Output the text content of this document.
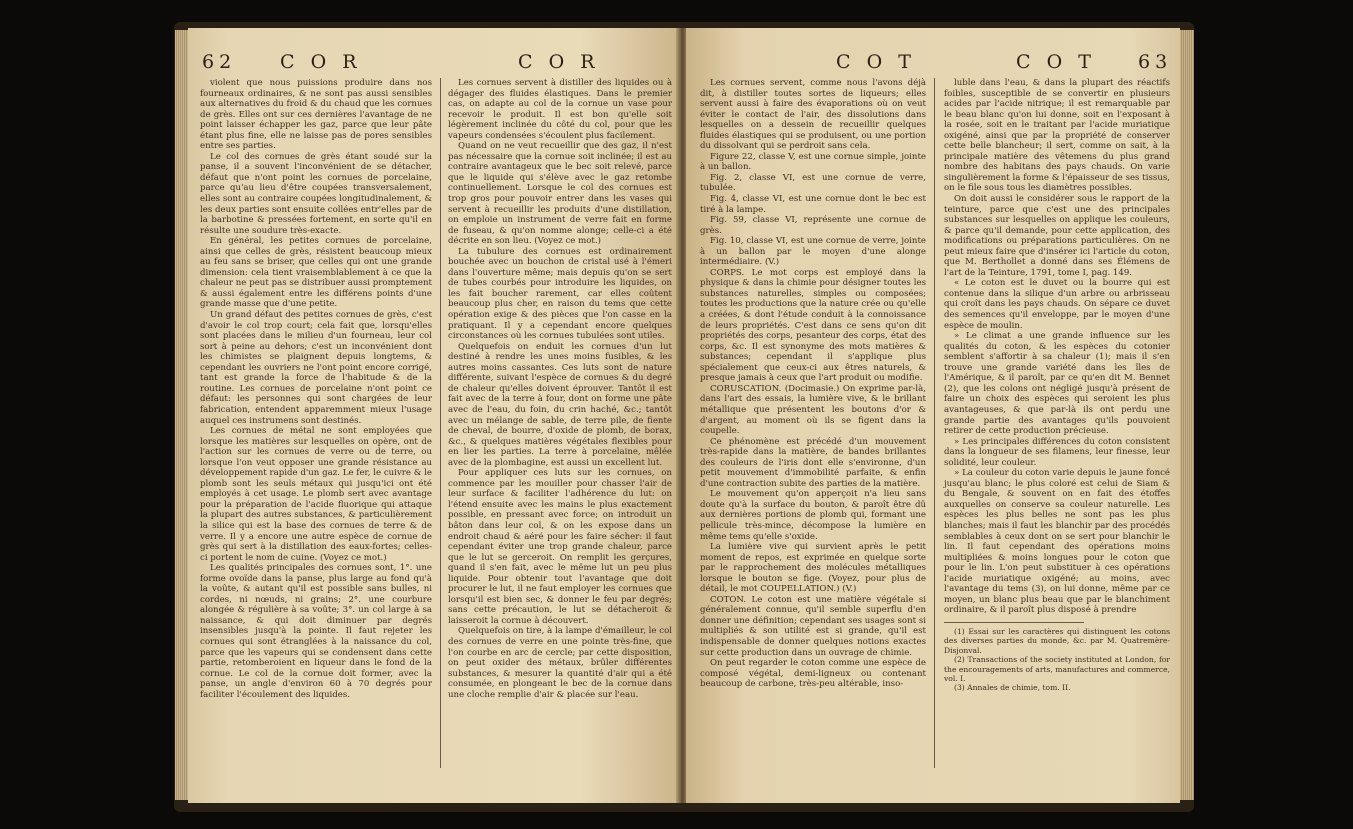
62 C O R	C O R

violent que nous puissions produire dans nos fourneaux ordinaires, & ne sont pas aussi sensibles aux alternatives du froid & du chaud que les cornues de grès. Elles ont sur ces dernières l'avantage de ne point laisser échapper les gaz, parce que leur pâte étant plus fine, elle ne laisse pas de pores sensibles entre ses parties.

Le col des cornues de grès étant soudé sur la panse, il a souvent l'inconvénient de se détacher, défaut que n'ont point les cornues de porcelaine, parce qu'au lieu d'être coupées transversalement, elles sont au contraire coupées longitudinalement, & les deux parties sont ensuite collées entr'elles par de la barbotine & pressées fortement, en sorte qu'il en résulte une soudure très-exacte.

En général, les petites cornues de porcelaine, ainsi que celles de grès, résistent beaucoup mieux au feu sans se briser, que celles qui ont une grande dimension: cela tient vraisemblablement à ce que la chaleur ne peut pas se distribuer aussi promptement & aussi également entre les différens points d'une grande masse que d'une petite.

Un grand défaut des petites cornues de grès, c'est d'avoir le col trop court; cela fait que, lorsqu'elles sont placées dans le milieu d'un fourneau, leur col sort à peine au dehors; c'est un inconvénient dont les chimistes se plaignent depuis longtems, & cependant les ouvriers ne l'ont point encore corrigé, tant est grande la force de l'habitude & de la routine. Les cornues de porcelaine n'ont point ce défaut: les personnes qui sont chargées de leur fabrication, entendent apparemment mieux l'usage auquel ces instrumens sont destinés.

Les cornues de métal ne sont employées que lorsque les matières sur lesquelles on opère, ont de l'action sur les cornues de verre ou de terre, ou lorsque l'on veut opposer une grande résistance au développement rapide d'un gaz. Le fer, le cuivre & le plomb sont les seuls métaux qui jusqu'ici ont été employés à cet usage. Le plomb sert avec avantage pour la préparation de l'acide fluorique qui attaque la plupart des autres substances, & particulièrement la silice qui est la base des cornues de terre & de verre. Il y a encore une autre espèce de cornue de grès qui sert à la distillation des eaux-fortes; celles-ci portent le nom de cuine. (Voyez ce mot.)

Les qualités principales des cornues sont, 1°. une forme ovoïde dans la panse, plus large au fond qu'à la voûte, & autant qu'il est possible sans bulles, ni cordes, ni nœuds, ni grains; 2°. une courbure alongée & régulière à sa voûte; 3°. un col large à sa naissance, & qui doit diminuer par degrés insensibles jusqu'à la pointe. Il faut rejeter les cornues qui sont étranglées à la naissance du col, parce que les vapeurs qui se condensent dans cette partie, retomberoient en liqueur dans le fond de la cornue. Le col de la cornue doit former, avec la panse, un angle d'environ 60 à 70 degrés pour faciliter l'écoulement des liquides.

Les cornues servent à distiller des liquides ou à dégager des fluides élastiques. Dans le premier cas, on adapte au col de la cornue un vase pour recevoir le produit. Il est bon qu'elle soit légèrement inclinée du côté du col, pour que les vapeurs condensées s'écoulent plus facilement.

Quand on ne veut recueillir que des gaz, il n'est pas nécessaire que la cornue soit inclinée; il est au contraire avantageux que le bec soit relevé, parce que le liquide qui s'élève avec le gaz retombe continuellement. Lorsque le col des cornues est trop gros pour pouvoir entrer dans les vases qui servent à recueillir les produits d'une distillation, on emploie un instrument de verre fait en forme de fuseau, & qu'on nomme alonge; celle-ci a été décrite en son lieu. (Voyez ce mot.)

La tubulure des cornues est ordinairement bouchée avec un bouchon de cristal usé à l'émeri dans l'ouverture même; mais depuis qu'on se sert de tubes courbés pour introduire les liquides, on les fait boucher rarement, car elles coûtent beaucoup plus cher, en raison du tems que cette opération exige & des pièces que l'on casse en la pratiquant. Il y a cependant encore quelques circonstances où les cornues tubulées sont utiles.

Quelquefois on enduit les cornues d'un lut destiné à rendre les unes moins fusibles, & les autres moins cassantes. Ces luts sont de nature différente, suivant l'espèce de cornues & du degré de chaleur qu'elles doivent éprouver. Tantôt il est fait avec de la terre à four, dont on forme une pâte avec de l'eau, du foin, du crin haché, &c.; tantôt avec un mélange de sable, de terre pile, de fiente de cheval, de bourre, d'oxide de plomb, de borax, &c., & quelques matières végétales flexibles pour en lier les parties. La terre à porcelaine, mêlée avec de la plombagine, est aussi un excellent lut.

Pour appliquer ces luts sur les cornues, on commence par les mouiller pour chasser l'air de leur surface & faciliter l'adhérence du lut: on l'étend ensuite avec les mains le plus exactement possible, en pressant avec force; on introduit un bâton dans leur col, & on les expose dans un endroit chaud & aéré pour les faire sécher: il faut cependant éviter une trop grande chaleur, parce que le lut se gerceroit. On remplit les gerçures, quand il s'en fait, avec le même lut un peu plus liquide. Pour obtenir tout l'avantage que doit procurer le lut, il ne faut employer les cornues que lorsqu'il est bien sec, & donner le feu par degrés; sans cette précaution, le lut se détacheroit & laisseroit la cornue à découvert.

Quelquefois on tire, à la lampe d'émailleur, le col des cornues de verre en une pointe très-fine, que l'on courbe en arc de cercle; par cette disposition, on peut oxider des métaux, brûler différentes substances, & mesurer la quantité d'air qui a été consumée, en plongeant le bec de la cornue dans une cloche remplie d'air & placée sur l'eau.

C O T	C O T 63

Les cornues servent, comme nous l'avons déjà dit, à distiller toutes sortes de liqueurs; elles servent aussi à faire des évaporations où on veut éviter le contact de l'air, des dissolutions dans lesquelles on a dessein de recueillir quelques fluides élastiques qui se produisent, ou une portion du dissolvant qui se perdroit sans cela.

Figure 22, classe V, est une cornue simple, jointe à un ballon.

Fig. 2, classe VI, est une cornue de verre, tubulée.

Fig. 4, classe VI, est une cornue dont le bec est tiré à la lampe.

Fig. 59, classe VI, représente une cornue de grès.

Fig. 10, classe VI, est une cornue de verre, jointe à un ballon par le moyen d'une alonge intermédiaire. (V.)

CORPS. Le mot corps est employé dans la physique & dans la chimie pour désigner toutes les substances naturelles, simples ou composées; toutes les productions que la nature crée ou qu'elle a créées, & dont l'étude conduit à la connoissance de leurs propriétés. C'est dans ce sens qu'on dit propriétés des corps, pesanteur des corps, état des corps, &c. Il est synonyme des mots matières & substances; cependant il s'applique plus spécialement que ceux-ci aux êtres naturels, & presque jamais à ceux que l'art produit ou modifie.

CORUSCATION. (Docimasie.) On exprime par-là, dans l'art des essais, la lumière vive, & le brillant métallique que présentent les boutons d'or & d'argent, au moment où ils se figent dans la coupelle.

Ce phénomène est précédé d'un mouvement très-rapide dans la matière, de bandes brillantes des couleurs de l'iris dont elle s'environne, d'un petit mouvement d'immobilité parfaite, & enfin d'une contraction subite des parties de la matière.

Le mouvement qu'on apperçoit n'a lieu sans doute qu'à la surface du bouton, & paroît être dû aux dernières portions de plomb qui, formant une pellicule très-mince, décompose la lumière en même tems qu'elle s'oxide.

La lumière vive qui survient après le petit moment de repos, est exprimée en quelque sorte par le rapprochement des molécules métalliques lorsque le bouton se fige. (Voyez, pour plus de détail, le mot COUPELLATION.) (V.)

COTON. Le coton est une matière végétale si généralement connue, qu'il semble superflu d'en donner une définition; cependant ses usages sont si multipliés & son utilité est si grande, qu'il est indispensable de donner quelques notions exactes sur cette production dans un ouvrage de chimie.

On peut regarder le coton comme une espèce de composé végétal, demi-ligneux ou contenant beaucoup de carbone, très-peu altérable, inso-

luble dans l'eau, & dans la plupart des réactifs foibles, susceptible de se convertir en plusieurs acides par l'acide nitrique; il est remarquable par le beau blanc qu'on lui donne, soit en l'exposant à la rosée, soit en le traitant par l'acide muriatique oxigéné, ainsi que par la propriété de conserver cette belle blancheur; il sert, comme on sait, à la principale matière des vêtemens du plus grand nombre des habitans des pays chauds. On varie singulièrement la forme & l'épaisseur de ses tissus, on le file sous tous les diamètres possibles.

On doit aussi le considérer sous le rapport de la teinture, parce que c'est une des principales substances sur lesquelles on applique les couleurs, & parce qu'il demande, pour cette application, des modifications ou préparations particulières. On ne peut mieux faire que d'insérer ici l'article du coton, que M. Berthollet a donné dans ses Élémens de l'art de la Teinture, 1791, tome I, pag. 149.

« Le coton est le duvet ou la bourre qui est contenue dans la silique d'un arbre ou arbrisseau qui croît dans les pays chauds. On sépare ce duvet des semences qu'il enveloppe, par le moyen d'une espèce de moulin.

» Le climat a une grande influence sur les qualités du coton, & les espèces du cotonier semblent s'affortir à sa chaleur (1); mais il s'en trouve une grande variété dans les îles de l'Amérique, & il paroît, par ce qu'en dit M. Bennet (2), que les colons ont négligé jusqu'à présent de faire un choix des espèces qui seroient les plus avantageuses, & que par-là ils ont perdu une grande partie des avantages qu'ils pouvoient retirer de cette production précieuse.

» Les principales différences du coton consistent dans la longueur de ses filamens, leur finesse, leur solidité, leur couleur.

» La couleur du coton varie depuis le jaune foncé jusqu'au blanc; le plus coloré est celui de Siam & du Bengale, & souvent on en fait des étoffes auxquelles on conserve sa couleur naturelle. Les espèces les plus belles ne sont pas les plus blanches; mais il faut les blanchir par des procédés semblables à ceux dont on se sert pour blanchir le lin. Il faut cependant des opérations moins multipliées & moins longues pour le coton que pour le lin. L'on peut substituer à ces opérations l'acide muriatique oxigéné; au moins, avec l'avantage du tems (3), on lui donne, même par ce moyen, un blanc plus beau que par le blanchiment ordinaire, & il paroît plus disposé à prendre

(1) Essai sur les caractères qui distinguent les cotons des diverses parties du monde, &c. par M. Quatremère-Disjonval.

(2) Transactions of the society instituted at London, for the encouragements of arts, manufactures and commerce, vol. I.

(3) Annales de chimie, tom. II.
